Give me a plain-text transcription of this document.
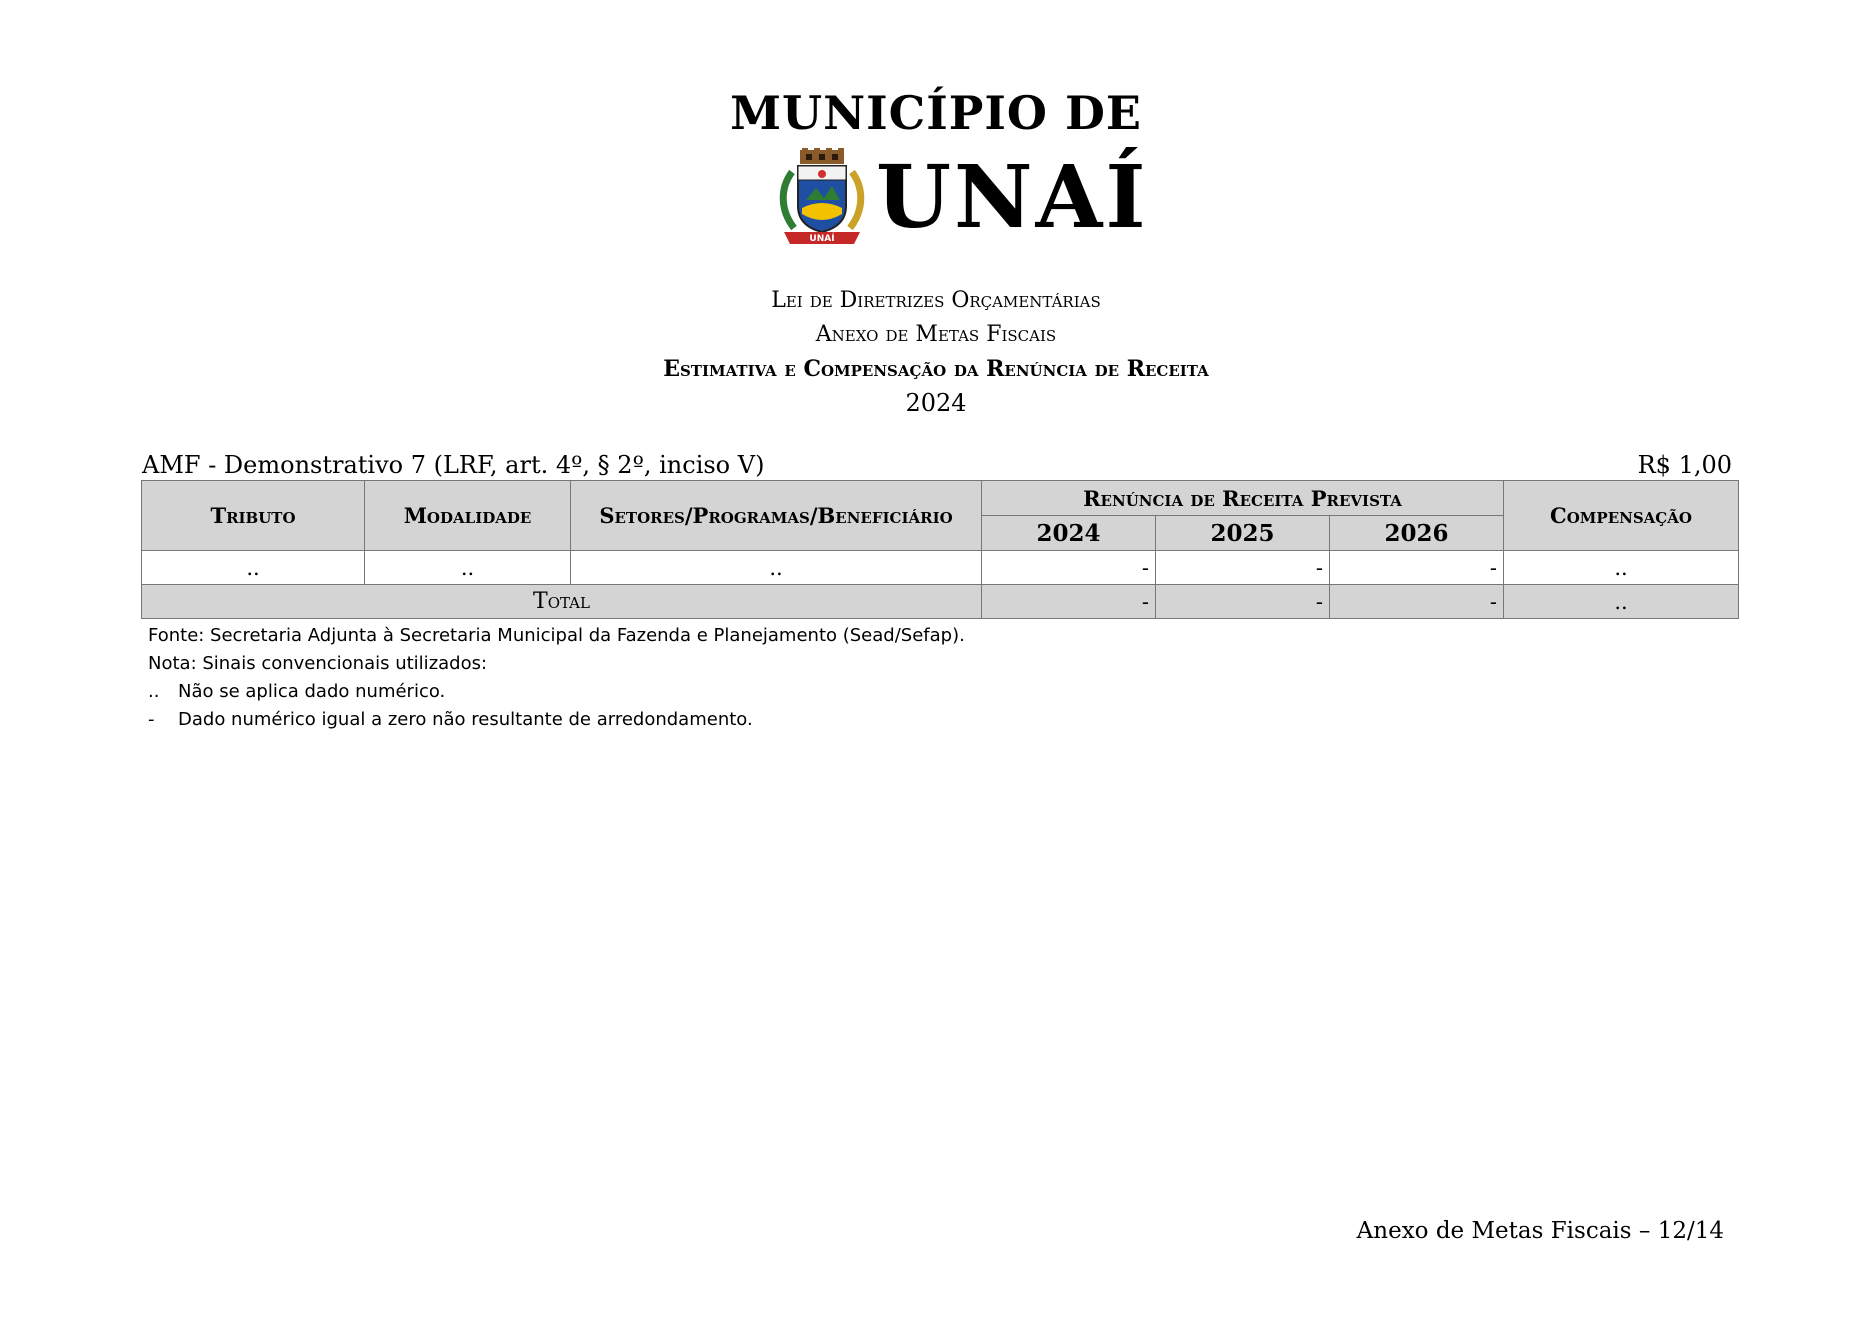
MUNICÍPIO DE
UNAÍ UNAÍ
Lei de Diretrizes Orçamentárias
Anexo de Metas Fiscais
Estimativa e Compensação da Renúncia de Receita
2024
AMF - Demonstrativo 7 (LRF, art. 4º, § 2º, inciso V)	R$ 1,00
Tributo	Modalidade	Setores/Programas/Beneficiário	Renúncia de Receita Prevista			Compensação
			2024	2025	2026	
..	..	..	-	-	-	..
Total			-	-	-	..
Fonte: Secretaria Adjunta à Secretaria Municipal da Fazenda e Planejamento (Sead/Sefap).
Nota: Sinais convencionais utilizados:
.. Não se aplica dado numérico.
- Dado numérico igual a zero não resultante de arredondamento.
Anexo de Metas Fiscais – 12/14
